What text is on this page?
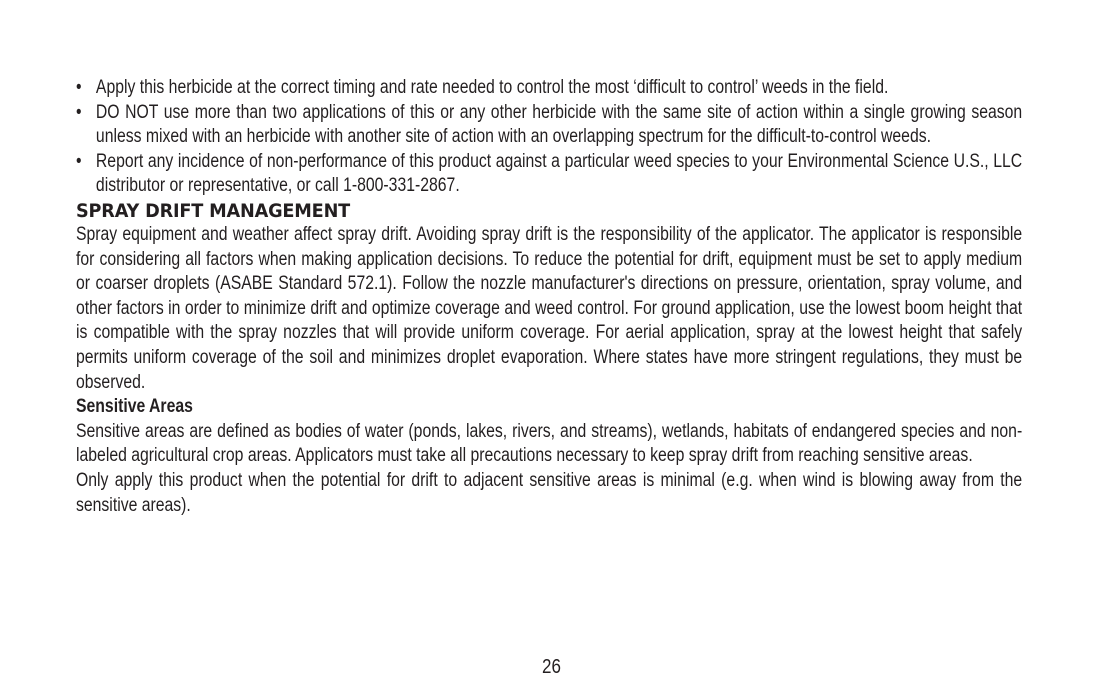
• Apply this herbicide at the correct timing and rate needed to control the most ‘difficult to control’ weeds in the field.
• DO NOT use more than two applications of this or any other herbicide with the same site of action within a single growing season unless mixed with an herbicide with another site of action with an overlapping spectrum for the difficult-to-control weeds.
• Report any incidence of non-performance of this product against a particular weed species to your Environmental Science U.S., LLC distributor or representative, or call 1-800-331-2867.
SPRAY DRIFT MANAGEMENT

Spray equipment and weather affect spray drift. Avoiding spray drift is the responsibility of the applicator. The applicator is responsible for considering all factors when making application decisions. To reduce the potential for drift, equipment must be set to apply medium or coarser droplets (ASABE Standard 572.1). Follow the nozzle manufacturer's directions on pressure, orientation, spray volume, and other factors in order to minimize drift and optimize coverage and weed control. For ground application, use the lowest boom height that is compatible with the spray nozzles that will provide uniform coverage. For aerial application, spray at the lowest height that safely permits uniform coverage of the soil and minimizes droplet evaporation. Where states have more stringent regulations, they must be observed.

Sensitive Areas

Sensitive areas are defined as bodies of water (ponds, lakes, rivers, and streams), wetlands, habitats of endangered species and non- labeled agricultural crop areas. Applicators must take all precautions necessary to keep spray drift from reaching sensitive areas.

Only apply this product when the potential for drift to adjacent sensitive areas is minimal (e.g. when wind is blowing away from the sensitive areas).

26
